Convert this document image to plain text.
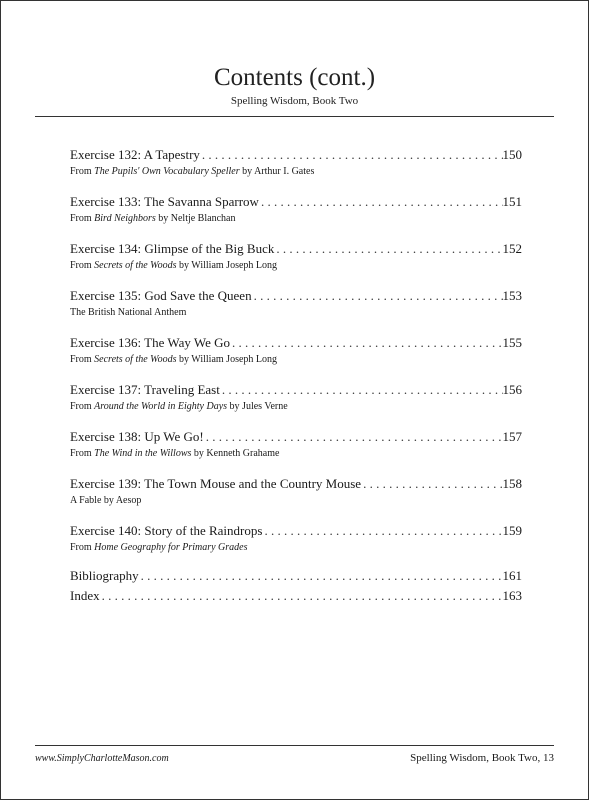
Contents (cont.)
Spelling Wisdom, Book Two
Exercise 132: A Tapestry . . .	150
From The Pupils' Own Vocabulary Speller by Arthur I. Gates
Exercise 133: The Savanna Sparrow . . .	151
From Bird Neighbors by Neltje Blanchan
Exercise 134: Glimpse of the Big Buck . . .	152
From Secrets of the Woods by William Joseph Long
Exercise 135: God Save the Queen . . .	153
The British National Anthem
Exercise 136: The Way We Go . . .	155
From Secrets of the Woods by William Joseph Long
Exercise 137: Traveling East . . .	156
From Around the World in Eighty Days by Jules Verne
Exercise 138: Up We Go! . . .	157
From The Wind in the Willows by Kenneth Grahame
Exercise 139: The Town Mouse and the Country Mouse . . .	158
A Fable by Aesop
Exercise 140: Story of the Raindrops . . .	159
From Home Geography for Primary Grades
Bibliography . . .	161
Index . . .	163
www.SimplyCharlotteMason.com	Spelling Wisdom, Book Two, 13
